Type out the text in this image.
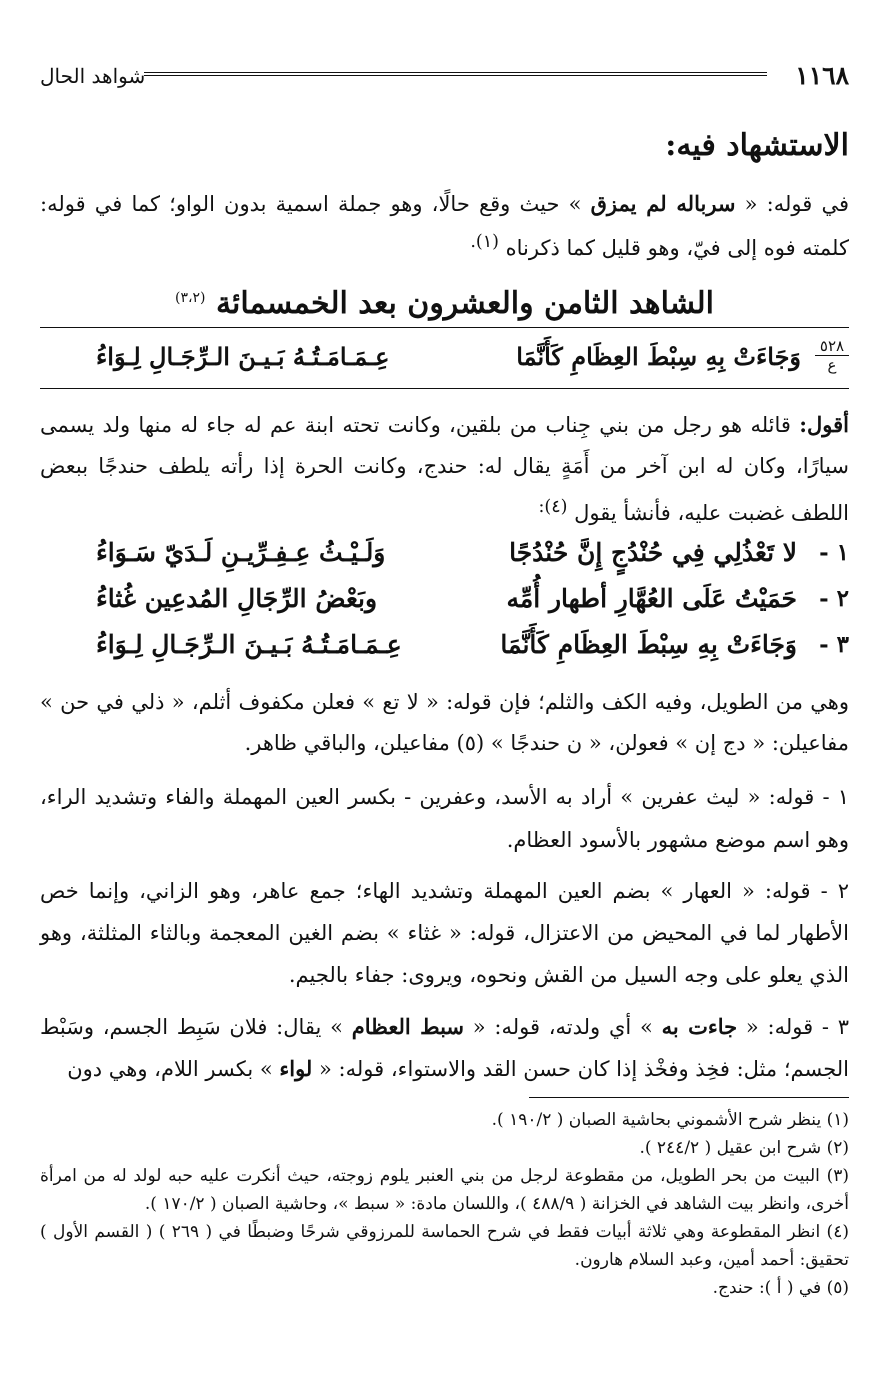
١١٦٨
شواهد الحال
الاستشهاد فيه:
في قوله: « سرباله لم يمزق » حيث وقع حالًا، وهو جملة اسمية بدون الواو؛ كما في قوله: كلمته فوه إلى فيّ، وهو قليل كما ذكرناه $^{(١).}$
الشاهد الثامن والعشرون بعد الخمسمائة $^{(٣،٢)}$
٥٢٨
ع
وَجَاءَتْ بِهِ سِبْطَ العِظَامِ كَأَنَّمَا
عِـمَـامَـتُـهُ بَـيـنَ الـرِّجَـالِ لِـوَاءُ
أقول: قائله هو رجل من بني جِناب من بلقين، وكانت تحته ابنة عم له جاء له منها ولد يسمى سيارًا، وكان له ابن آخر من أَمَةٍ يقال له: حندج، وكانت الحرة إذا رأته يلطف حندجًا ببعض اللطف غضبت عليه، فأنشأ يقول $^{(٤):}$
١ -
لا تَعْذُلِي فِي حُنْدُجٍ إِنَّ حُنْدُجًا
وَلَـيْـثُ عِـفِـرِّيـنِ لَـدَيّ سَـوَاءُ
٢ -
حَمَيْتُ عَلَى العُهَّارِ أطهار أُمِّه
وبَعْضُ الرِّجَالِ المُدعِين غُثاءُ
٣ -
وَجَاءَتْ بِهِ سِبْطَ العِظَامِ كَأَنَّمَا
عِـمَـامَـتُـهُ بَـيـنَ الـرِّجَـالِ لِـوَاءُ
وهي من الطويل، وفيه الكف والثلم؛ فإن قوله: « لا تع » فعلن مكفوف أثلم، « ذلي في حن » مفاعيلن: « دج إن » فعولن، « ن حندجًا » (٥) مفاعيلن، والباقي ظاهر.
١ - قوله: « ليث عفرين » أراد به الأسد، وعفرين - بكسر العين المهملة والفاء وتشديد الراء، وهو اسم موضع مشهور بالأسود العظام.
٢ - قوله: « العهار » بضم العين المهملة وتشديد الهاء؛ جمع عاهر، وهو الزاني، وإنما خص الأطهار لما في المحيض من الاعتزال، قوله: « غثاء » بضم الغين المعجمة وبالثاء المثلثة، وهو الذي يعلو على وجه السيل من القش ونحوه، ويروى: جفاء بالجيم.
٣ - قوله: « جاءت به » أي ولدته، قوله: « سبط العظام » يقال: فلان سَبِط الجسم، وسَبْط الجسم؛ مثل: فخِذ وفخْذ إذا كان حسن القد والاستواء، قوله: « لواء » بكسر اللام، وهي دون

(١) ينظر شرح الأشموني بحاشية الصبان ( ١٩٠/٢ ).

(٢) شرح ابن عقيل ( ٢٤٤/٢ ).

(٣) البيت من بحر الطويل، من مقطوعة لرجل من بني العنبر يلوم زوجته، حيث أنكرت عليه حبه لولد له من امرأة أخرى، وانظر بيت الشاهد في الخزانة ( ٤٨٨/٩ )، واللسان مادة: « سبط »، وحاشية الصبان ( ١٧٠/٢ ).

(٤) انظر المقطوعة وهي ثلاثة أبيات فقط في شرح الحماسة للمرزوقي شرحًا وضبطًا في ( ٢٦٩ ) ( القسم الأول ) تحقيق: أحمد أمين، وعبد السلام هارون.

(٥) في ( أ ): حندج.
